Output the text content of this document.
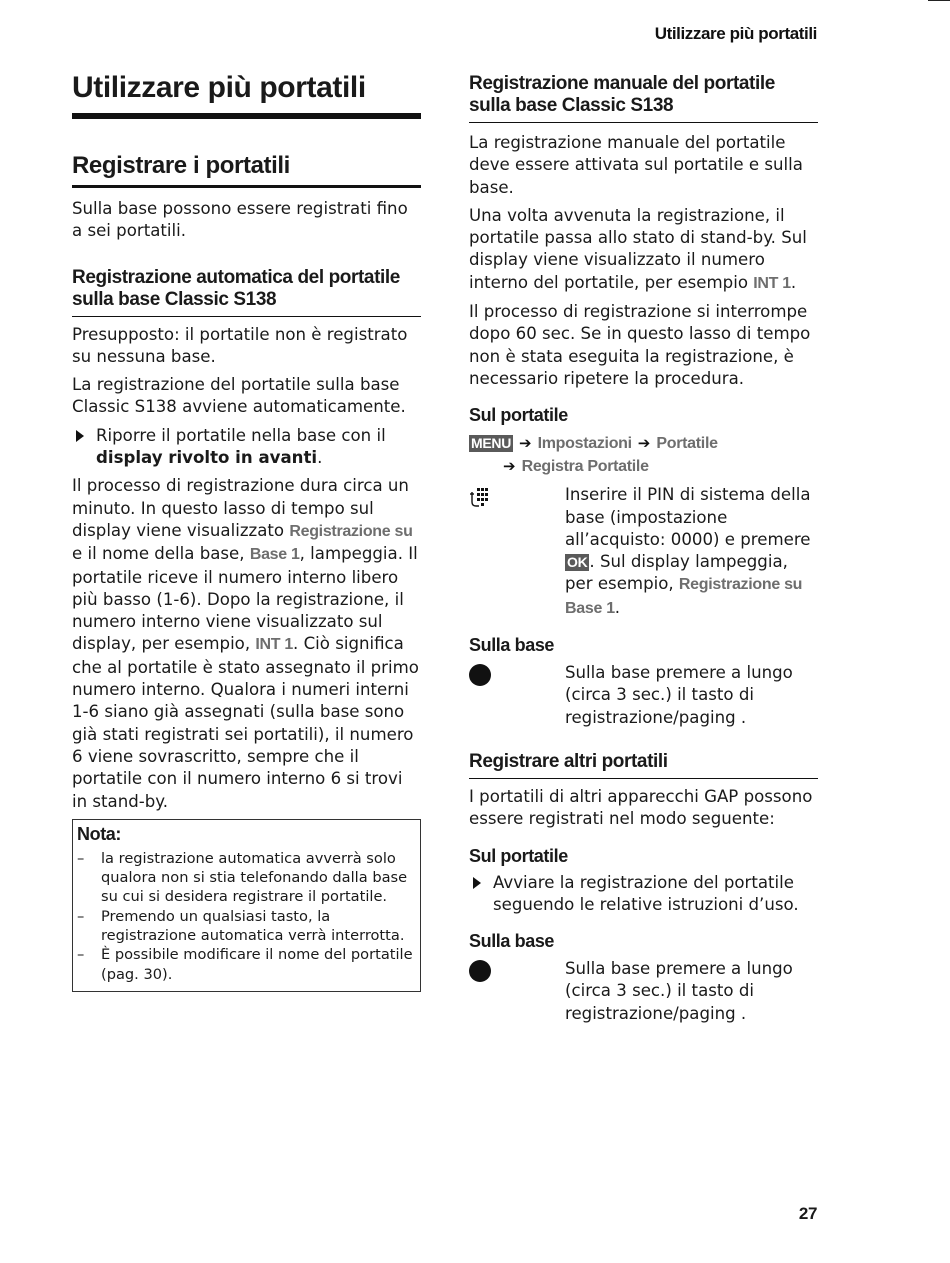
Utilizzare più portatili
Utilizzare più portatili
Registrare i portatili

Sulla base possono essere registrati fino a sei portatili.

Registrazione automatica del portatile
sulla base Classic S138

Presupposto: il portatile non è registrato su nessuna base.

La registrazione del portatile sulla base Classic S138 avviene automaticamente.

Riporre il portatile nella base con il display rivolto in avanti.

Il processo di registrazione dura circa un minuto. In questo lasso di tempo sul display viene visualizzato Registrazione su e il nome della base, Base 1, lampeggia. Il portatile riceve il numero interno libero più basso (1-6). Dopo la registrazione, il numero interno viene visualizzato sul display, per esempio, INT 1. Ciò significa che al portatile è stato assegnato il primo numero interno. Qualora i numeri interni 1-6 siano già assegnati (sulla base sono già stati registrati sei portatili), il numero 6 viene sovrascritto, sempre che il portatile con il numero interno 6 si trovi in stand-by.

Nota:
– la registrazione automatica avverrà solo qualora non si stia telefonando dalla base su cui si desidera registrare il portatile.
– Premendo un qualsiasi tasto, la registrazione automatica verrà interrotta.
– È possibile modificare il nome del portatile (pag. 30).
Registrazione manuale del portatile
sulla base Classic S138

La registrazione manuale del portatile deve essere attivata sul portatile e sulla base.

Una volta avvenuta la registrazione, il portatile passa allo stato di stand-by. Sul display viene visualizzato il numero interno del portatile, per esempio INT 1.

Il processo di registrazione si interrompe dopo 60 sec. Se in questo lasso di tempo non è stata eseguita la registrazione, è necessario ripetere la procedura.

Sul portatile
MENU ➔ Impostazioni ➔ Portatile
➔ Registra Portatile
Inserire il PIN di sistema della base (impostazione all’acquisto: 0000) e premere OK . Sul display lampeggia, per esempio, Registrazione su Base 1.
Sulla base
Sulla base premere a lungo (circa 3 sec.) il tasto di registrazione/paging .
Registrare altri portatili

I portatili di altri apparecchi GAP possono essere registrati nel modo seguente:

Sul portatile
Avviare la registrazione del portatile seguendo le relative istruzioni d’uso.
Sulla base
Sulla base premere a lungo (circa 3 sec.) il tasto di registrazione/paging .
27
